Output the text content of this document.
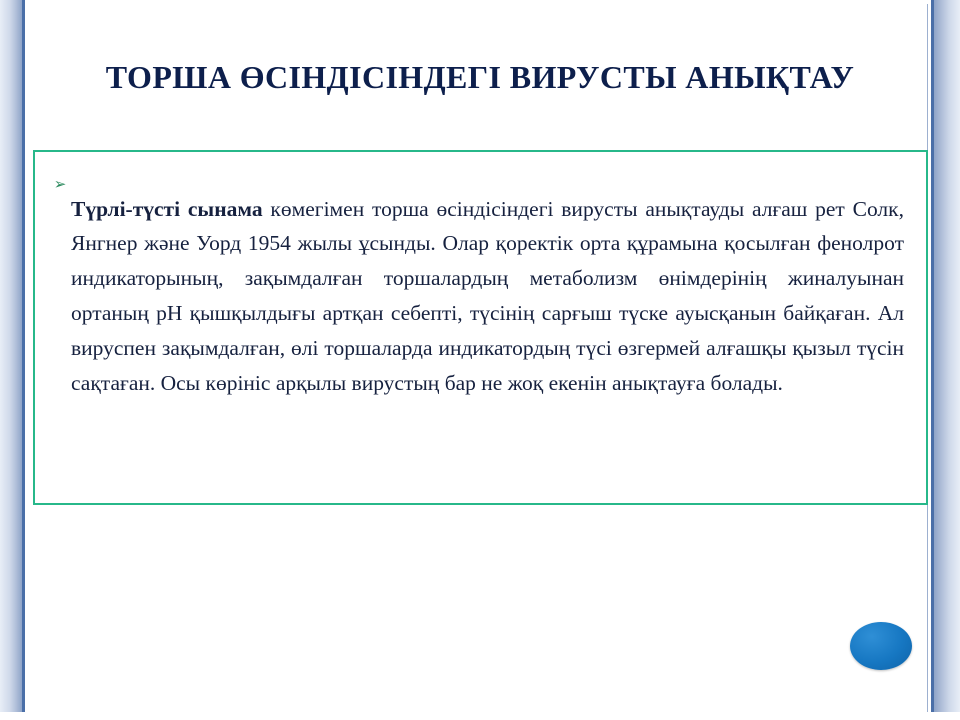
ТОРША ӨСІНДІСІНДЕГІ ВИРУСТЫ АНЫҚТАУ
➢

Түрлі-түсті сынама көмегімен торша өсіндісіндегі вирусты анықтауды алғаш рет Солк, Янгнер және Уорд 1954 жылы ұсынды. Олар қоректік орта құрамына қосылған фенолрот индикаторының, зақымдалған торшалардың метаболизм өнімдерінің жиналуынан ортаның pH қышқылдығы артқан себепті, түсінің сарғыш түске ауысқанын байқаған. Ал вируспен зақымдалған, өлі торшаларда индикатордың түсі өзгермей алғашқы қызыл түсін сақтаған. Осы көрініс арқылы вирустың бар не жоқ екенін анықтауға болады.
